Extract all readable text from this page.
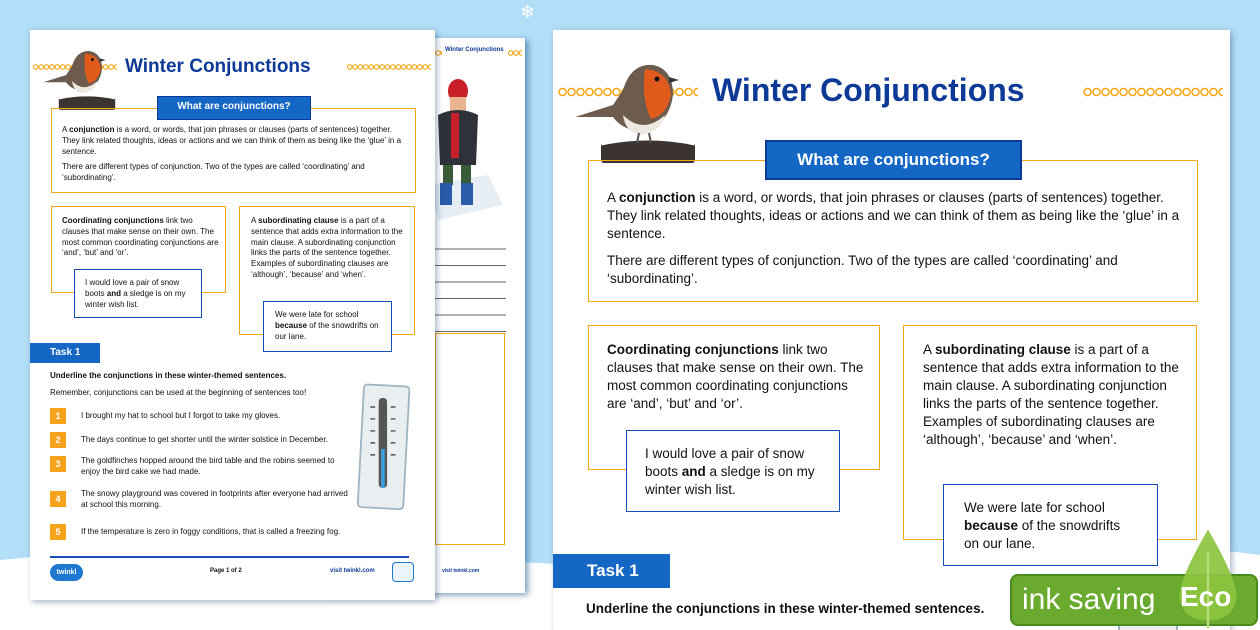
❄
Winter Conjunctions
visit twinkl.com
Winter Conjunctions
What are conjunctions?

A conjunction is a word, or words, that join phrases or clauses (parts of sentences) together. They link related thoughts, ideas or actions and we can think of them as being like the ‘glue’ in a sentence.

There are different types of conjunction. Two of the types are called ‘coordinating’ and ‘subordinating’.

Coordinating conjunctions link two clauses that make sense on their own. The most common coordinating conjunctions are ‘and’, ‘but’ and ‘or’.
I would love a pair of snow boots and a sledge is on my winter wish list.
A subordinating clause is a part of a sentence that adds extra information to the main clause. A subordinating conjunction links the parts of the sentence together. Examples of subordinating clauses are ‘although’, ‘because’ and ‘when’.
We were late for school because of the snowdrifts on our lane.
Task 1
Underline the conjunctions in these winter-themed sentences.
Remember, conjunctions can be used at the beginning of sentences too!
1	I brought my hat to school but I forgot to take my gloves.
2	The days continue to get shorter until the winter solstice in December.
3	The goldfinches hopped around the bird table and the robins seemed to enjoy the bird cake we had made.
4
The snowy playground was covered in footprints after everyone had arrived at school this morning.
5	If the temperature is zero in foggy conditions, that is called a freezing fog.
twinkl	Page 1 of 2	visit twinkl.com
Winter Conjunctions
What are conjunctions?

A conjunction is a word, or words, that join phrases or clauses (parts of sentences) together. They link related thoughts, ideas or actions and we can think of them as being like the ‘glue’ in a sentence.

There are different types of conjunction. Two of the types are called ‘coordinating’ and ‘subordinating’.

Coordinating conjunctions link two clauses that make sense on their own. The most common coordinating conjunctions are ‘and’, ‘but’ and ‘or’.
I would love a pair of snow boots and a sledge is on my winter wish list.
A subordinating clause is a part of a sentence that adds extra information to the main clause. A subordinating conjunction links the parts of the sentence together. Examples of subordinating clauses are ‘although’, ‘because’ and ‘when’.
We were late for school because of the snowdrifts on our lane.
Task 1
Underline the conjunctions in these winter-themed sentences. ink saving Eco
